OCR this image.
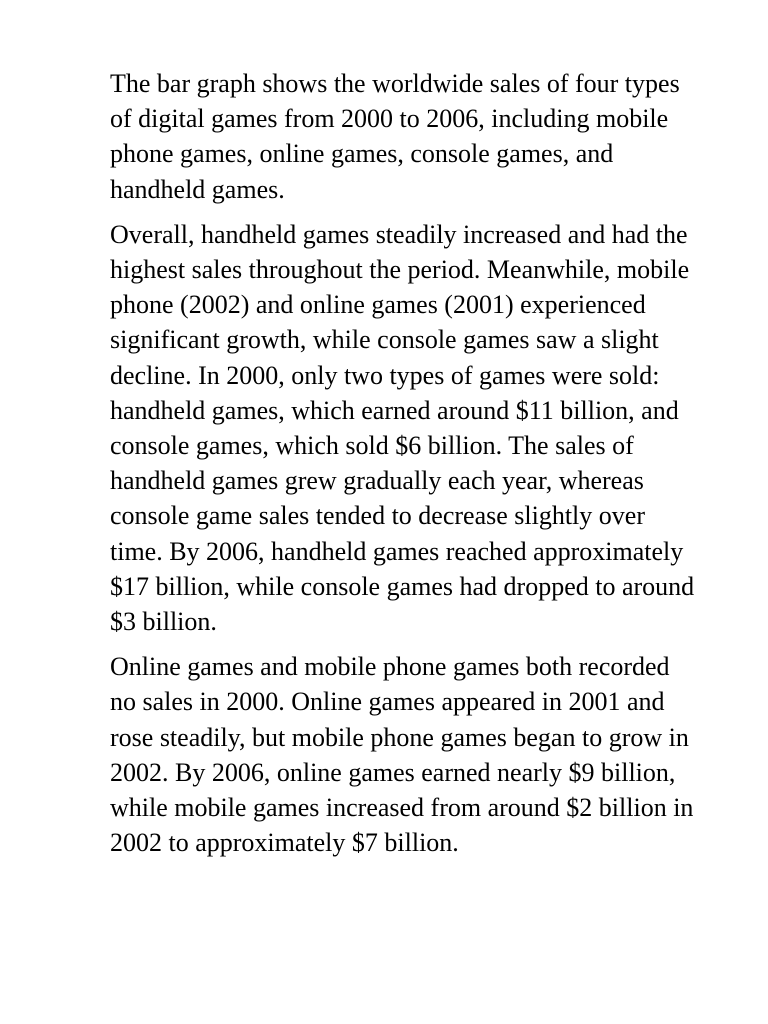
The bar graph shows the worldwide sales of four types of digital games from 2000 to 2006, including mobile phone games, online games, console games, and handheld games.

Overall, handheld games steadily increased and had the highest sales throughout the period. Meanwhile, mobile phone (2002) and online games (2001) experienced significant growth, while console games saw a slight decline. In 2000, only two types of games were sold: handheld games, which earned around $11 billion, and console games, which sold $6 billion. The sales of handheld games grew gradually each year, whereas console game sales tended to decrease slightly over time. By 2006, handheld games reached approximately $17 billion, while console games had dropped to around $3 billion.

Online games and mobile phone games both recorded no sales in 2000. Online games appeared in 2001 and rose steadily, but mobile phone games began to grow in 2002. By 2006, online games earned nearly $9 billion, while mobile games increased from around $2 billion in 2002 to approximately $7 billion.
